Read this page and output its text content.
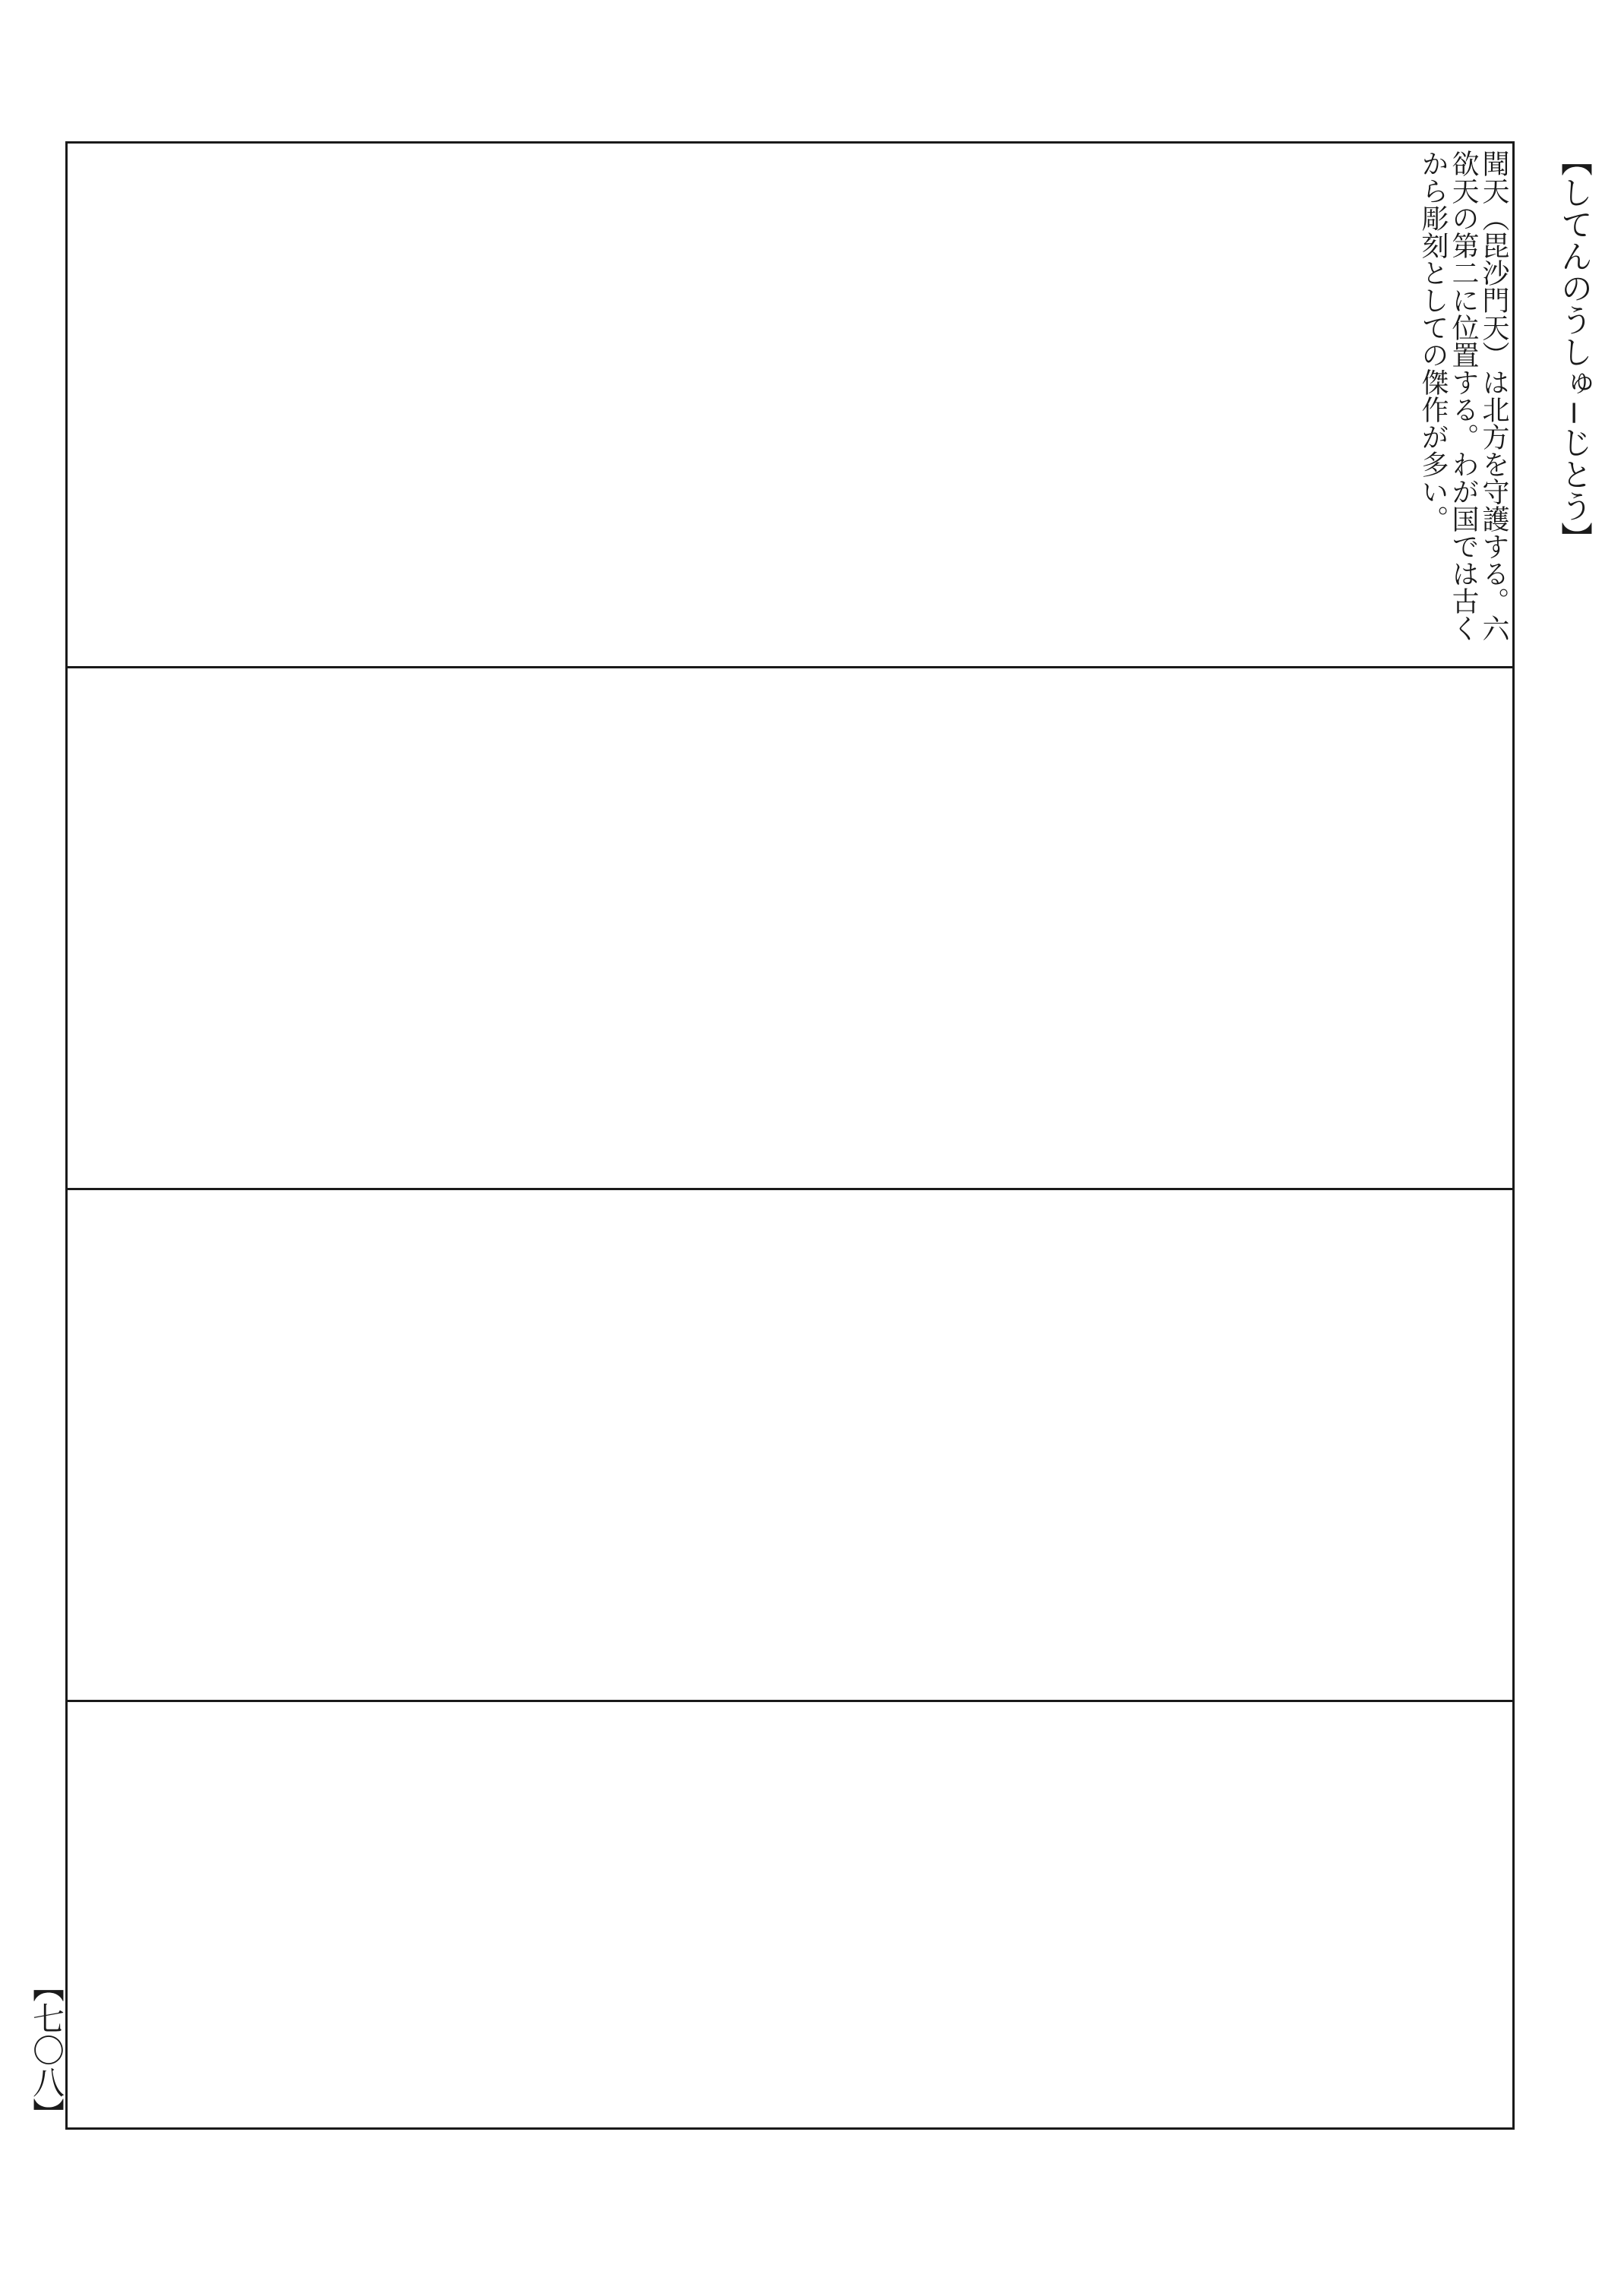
【してんのうしゅ−じとう】
聞天（毘沙門天）は北方を守護する。六欲天の第二に位置する。わが国では古くから彫刻としての傑作が多い。
【七〇八】
